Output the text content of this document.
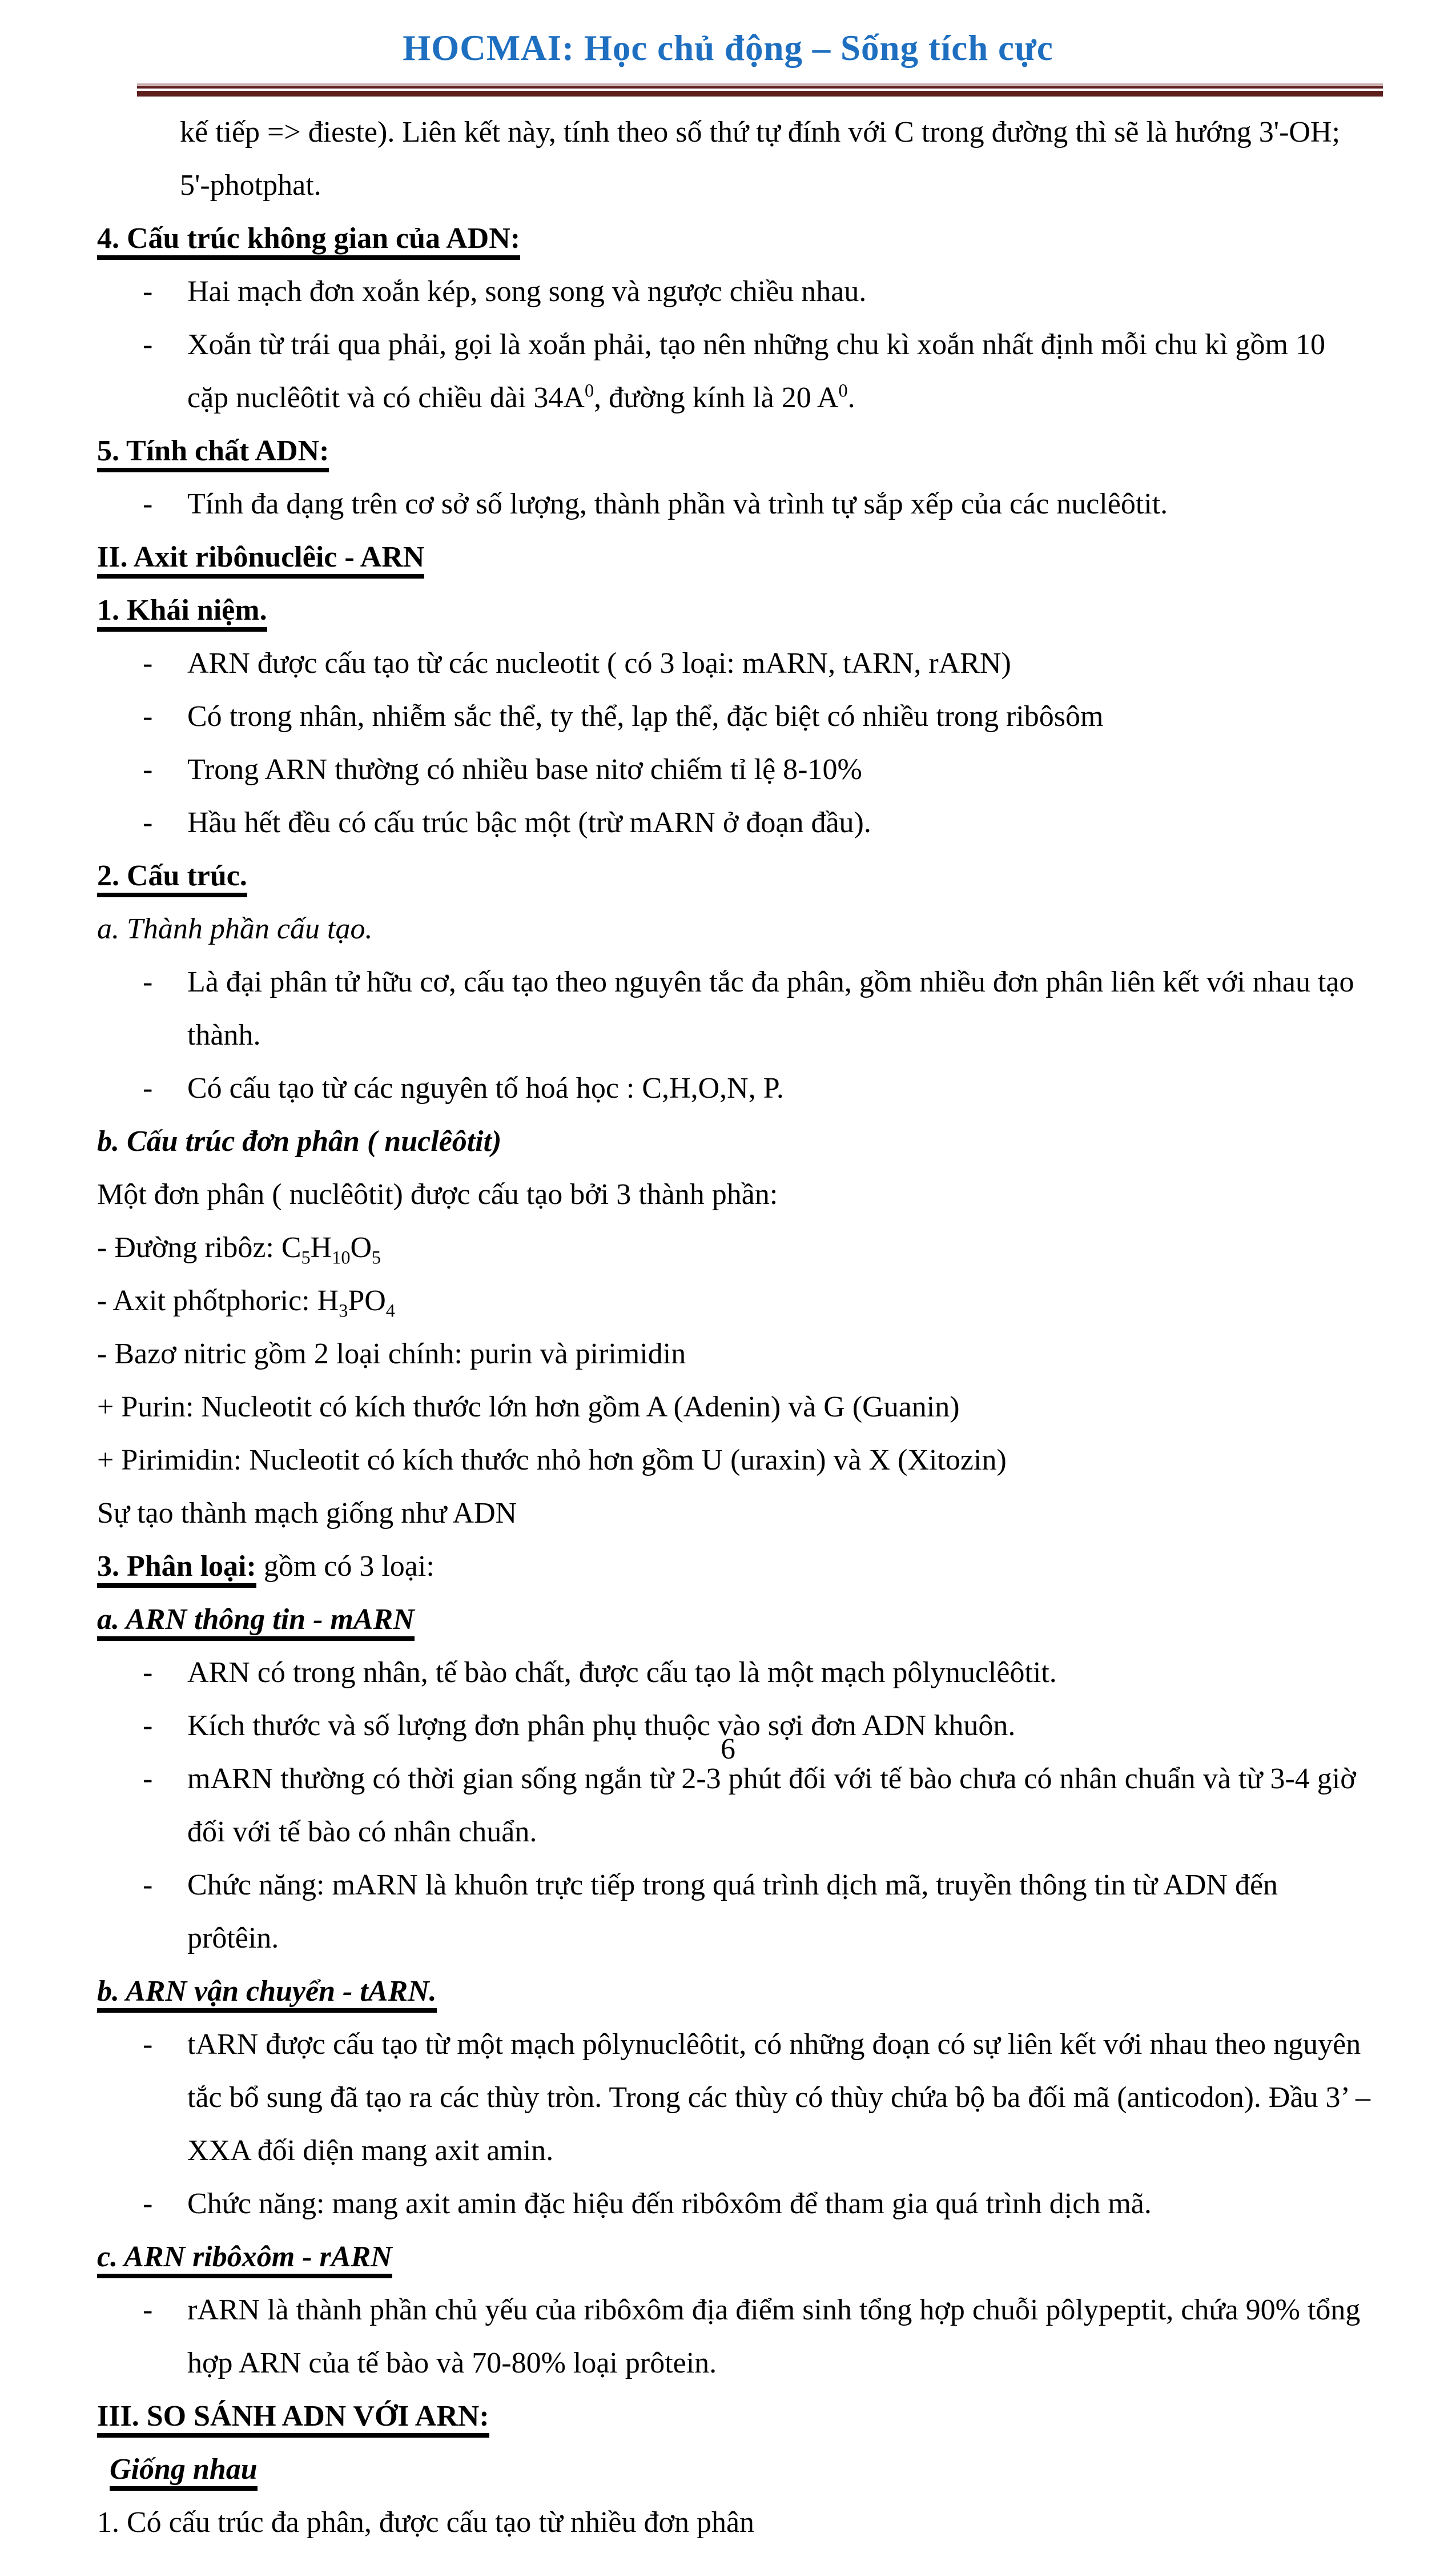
HOCMAI: Học chủ động – Sống tích cực
kế tiếp => đieste). Liên kết này, tính theo số thứ tự đính với C trong đường thì sẽ là hướng 3'-OH; 5'-photphat.
4. Cấu trúc không gian của ADN:
- Hai mạch đơn xoắn kép, song song và ngược chiều nhau.
- Xoắn từ trái qua phải, gọi là xoắn phải, tạo nên những chu kì xoắn nhất định mỗi chu kì gồm 10 cặp nuclêôtit và có chiều dài $34A^0$, đường kính là 20 $A^0$.
5. Tính chất ADN:
- Tính đa dạng trên cơ sở số lượng, thành phần và trình tự sắp xếp của các nuclêôtit.
II. Axit ribônuclêic - ARN
1. Khái niệm.
- ARN được cấu tạo từ các nucleotit ( có 3 loại: mARN, tARN, rARN)
- Có trong nhân, nhiễm sắc thể, ty thể, lạp thể, đặc biệt có nhiều trong ribôsôm
- Trong ARN thường có nhiều base nitơ chiếm tỉ lệ 8-10%
- Hầu hết đều có cấu trúc bậc một (trừ mARN ở đoạn đầu).
2. Cấu trúc.
a. Thành phần cấu tạo.
- Là đại phân tử hữu cơ, cấu tạo theo nguyên tắc đa phân, gồm nhiều đơn phân liên kết với nhau tạo thành.
- Có cấu tạo từ các nguyên tố hoá học : C,H,O,N, P.
b. Cấu trúc đơn phân ( nuclêôtit)
Một đơn phân ( nuclêôtit) được cấu tạo bởi 3 thành phần:
- Đường ribôz: $C_5H_{10}O_5$
- Axit phốtphoric: $H_3PO_4$
- Bazơ nitric gồm 2 loại chính: purin và pirimidin
+ Purin: Nucleotit có kích thước lớn hơn gồm A (Adenin) và G (Guanin)
+ Pirimidin: Nucleotit có kích thước nhỏ hơn gồm U (uraxin) và X (Xitozin)
Sự tạo thành mạch giống như ADN
3. Phân loại: gồm có 3 loại:
a. ARN thông tin - mARN
- ARN có trong nhân, tế bào chất, được cấu tạo là một mạch pôlynuclêôtit.
- Kích thước và số lượng đơn phân phụ thuộc vào sợi đơn ADN khuôn.
- mARN thường có thời gian sống ngắn từ 2-3 phút đối với tế bào chưa có nhân chuẩn và từ 3-4 giờ đối với tế bào có nhân chuẩn.
- Chức năng: mARN là khuôn trực tiếp trong quá trình dịch mã, truyền thông tin từ ADN đến prôtêin.
b. ARN vận chuyển - tARN.
- tARN được cấu tạo từ một mạch pôlynuclêôtit, có những đoạn có sự liên kết với nhau theo nguyên tắc bổ sung đã tạo ra các thùy tròn. Trong các thùy có thùy chứa bộ ba đối mã (anticodon). Đầu 3’ – XXA đối diện mang axit amin.
- Chức năng: mang axit amin đặc hiệu đến ribôxôm để tham gia quá trình dịch mã.
c. ARN ribôxôm - rARN
- rARN là thành phần chủ yếu của ribôxôm địa điểm sinh tổng hợp chuỗi pôlypeptit, chứa 90% tổng hợp ARN của tế bào và 70-80% loại prôtein.
III. SO SÁNH ADN VỚI ARN:
Giống nhau
1. Có cấu trúc đa phân, được cấu tạo từ nhiều đơn phân
6
